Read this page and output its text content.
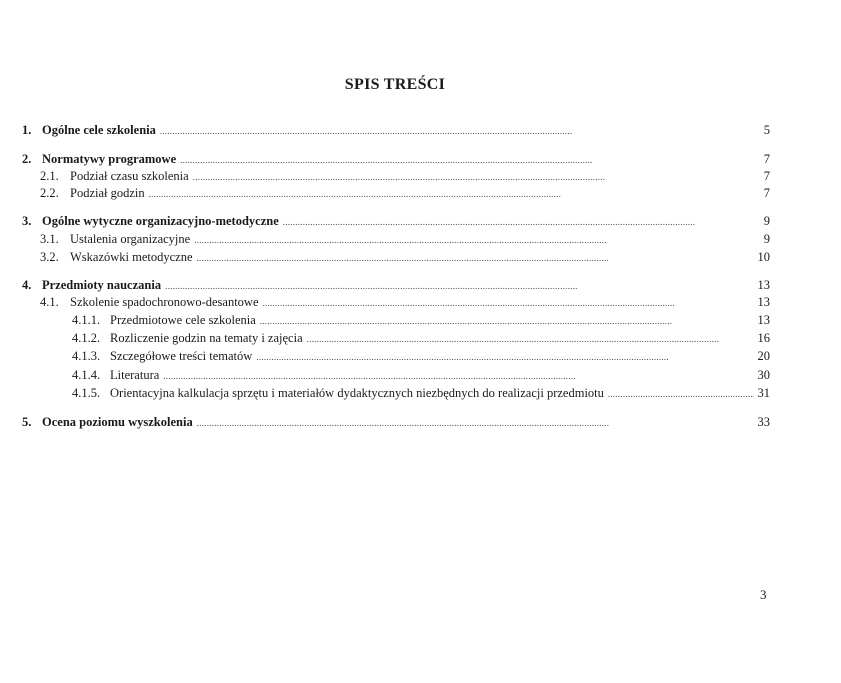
SPIS TREŚCI
1. Ogólne cele szkolenia . . .	5
2. Normatywy programowe . . .	7
2.1. Podział czasu szkolenia . . .	7
2.2. Podział godzin . . .	7
3. Ogólne wytyczne organizacyjno-metodyczne . . .	9
3.1. Ustalenia organizacyjne . . .	9
3.2. Wskazówki metodyczne . . .	10
4. Przedmioty nauczania . . .	13
4.1. Szkolenie spadochronowo-desantowe . . .	13
4.1.1. Przedmiotowe cele szkolenia . . .	13
4.1.2. Rozliczenie godzin na tematy i zajęcia . . .	16
4.1.3. Szczegółowe treści tematów . . .	20
4.1.4. Literatura . . .	30
4.1.5. Orientacyjna kalkulacja sprzętu i materiałów dydaktycznych niezbędnych do realizacji przedmiotu . . .	31
5. Ocena poziomu wyszkolenia . . .	33
3
